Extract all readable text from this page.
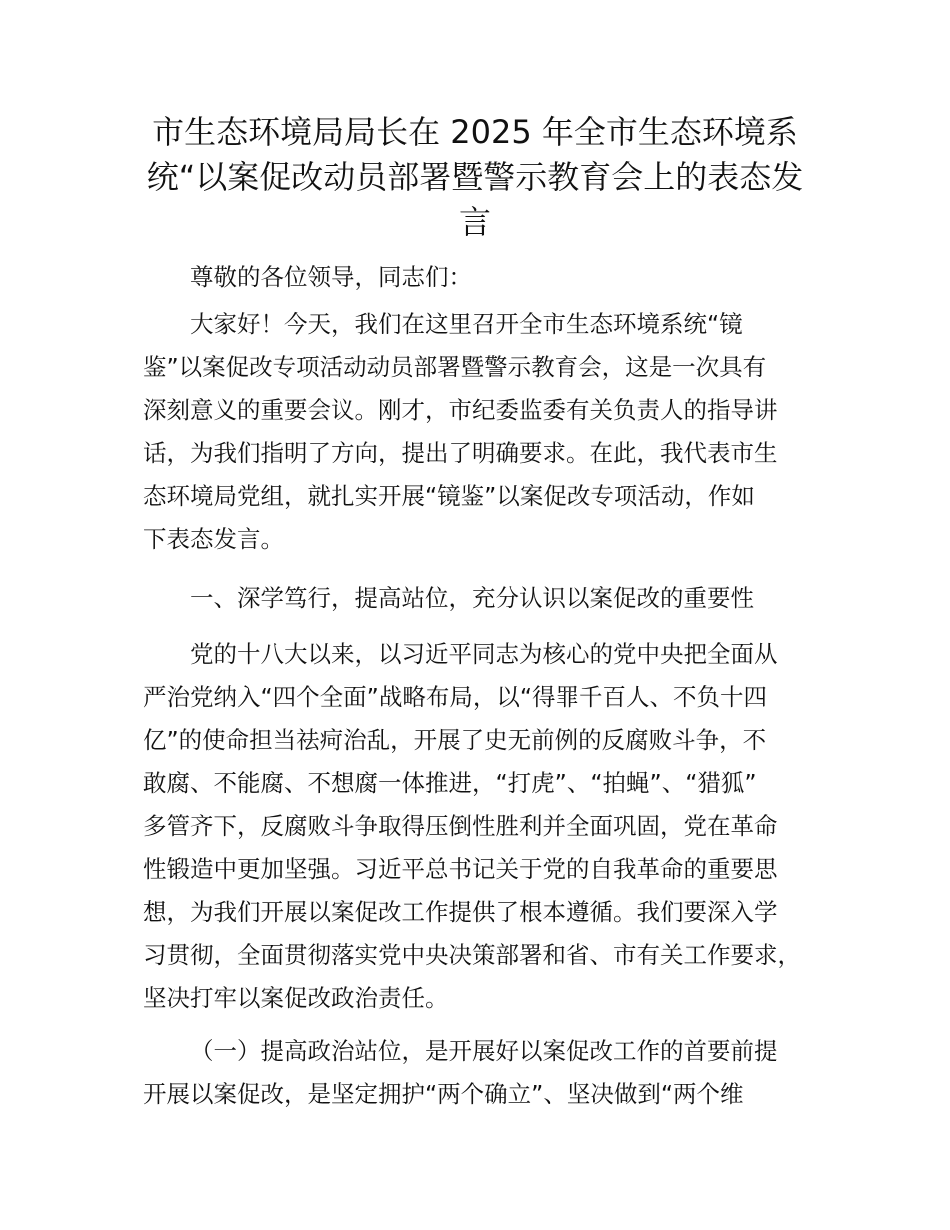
市生态环境局局长在 2025 年全市生态环境系
统“以案促改动员部署暨警示教育会上的表态发
言
尊敬的各位领导，同志们：
大家好！今天，我们在这里召开全市生态环境系统“镜
鉴”以案促改专项活动动员部署暨警示教育会，这是一次具有
深刻意义的重要会议。刚才，市纪委监委有关负责人的指导讲
话，为我们指明了方向，提出了明确要求。在此，我代表市生
态环境局党组，就扎实开展“镜鉴”以案促改专项活动，作如
下表态发言。
一、深学笃行，提高站位，充分认识以案促改的重要性
党的十八大以来，以习近平同志为核心的党中央把全面从
严治党纳入“四个全面”战略布局，以“得罪千百人、不负十四
亿”的使命担当祛疴治乱，开展了史无前例的反腐败斗争，不
敢腐、不能腐、不想腐一体推进，“打虎”、“拍蝇”、“猎狐”
多管齐下，反腐败斗争取得压倒性胜利并全面巩固，党在革命
性锻造中更加坚强。习近平总书记关于党的自我革命的重要思
想，为我们开展以案促改工作提供了根本遵循。我们要深入学
习贯彻，全面贯彻落实党中央决策部署和省、市有关工作要求，
坚决打牢以案促改政治责任。
（一）提高政治站位，是开展好以案促改工作的首要前提
开展以案促改，是坚定拥护“两个确立”、坚决做到“两个维
